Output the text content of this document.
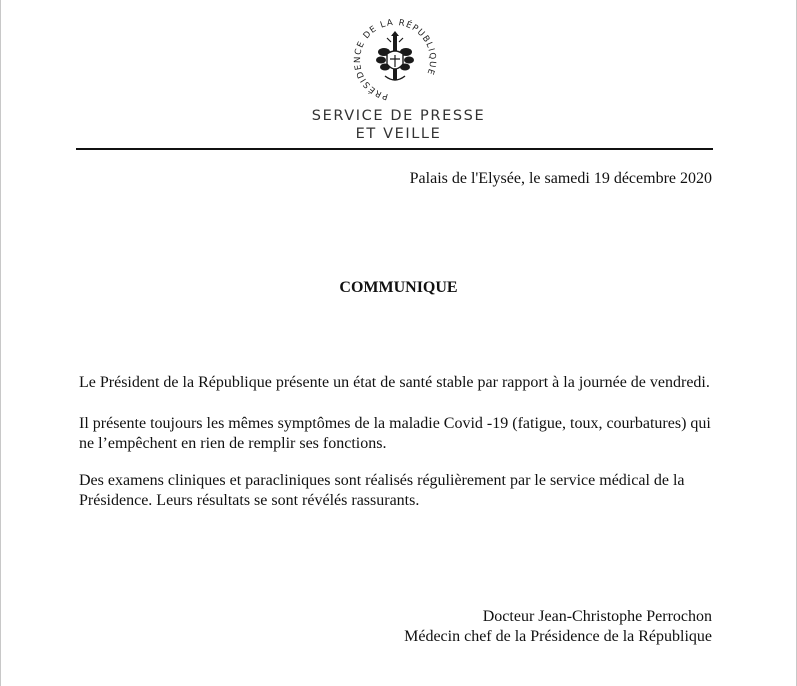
PRÉSIDENCE DE LA RÉPUBLIQUE
SERVICE DE PRESSE
ET VEILLE
Palais de l'Elysée, le samedi 19 décembre 2020
COMMUNIQUE
Le Président de la République présente un état de santé stable par rapport à la journée de vendredi.
Il présente toujours les mêmes symptômes de la maladie Covid -19 (fatigue, toux, courbatures) qui ne l’empêchent en rien de remplir ses fonctions.
Des examens cliniques et paracliniques sont réalisés régulièrement par le service médical de la Présidence. Leurs résultats se sont révélés rassurants.
Docteur Jean-Christophe Perrochon
Médecin chef de la Présidence de la République
